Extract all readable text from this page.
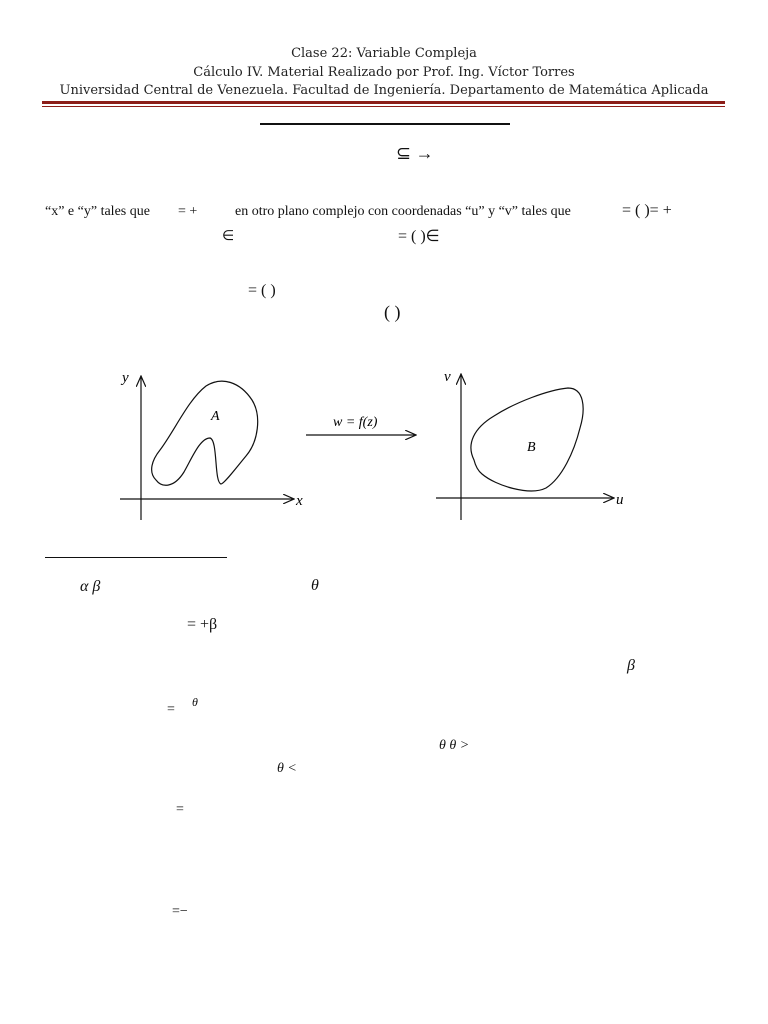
Clase 22: Variable Compleja
Cálculo IV. Material Realizado por Prof. Ing. Víctor Torres
Universidad Central de Venezuela. Facultad de Ingeniería. Departamento de Matemática Aplicada
⊆ →
“x” e “y” tales que = +	en otro plano complejo con coordenadas “u” y “v” tales que	= ( )= +
∈	= ( )∈
= ( )
( )
y
x
A	w = f(z)
v
u
B
α β	θ
= +β
β
= θ
θ θ >
θ <
=
=−
